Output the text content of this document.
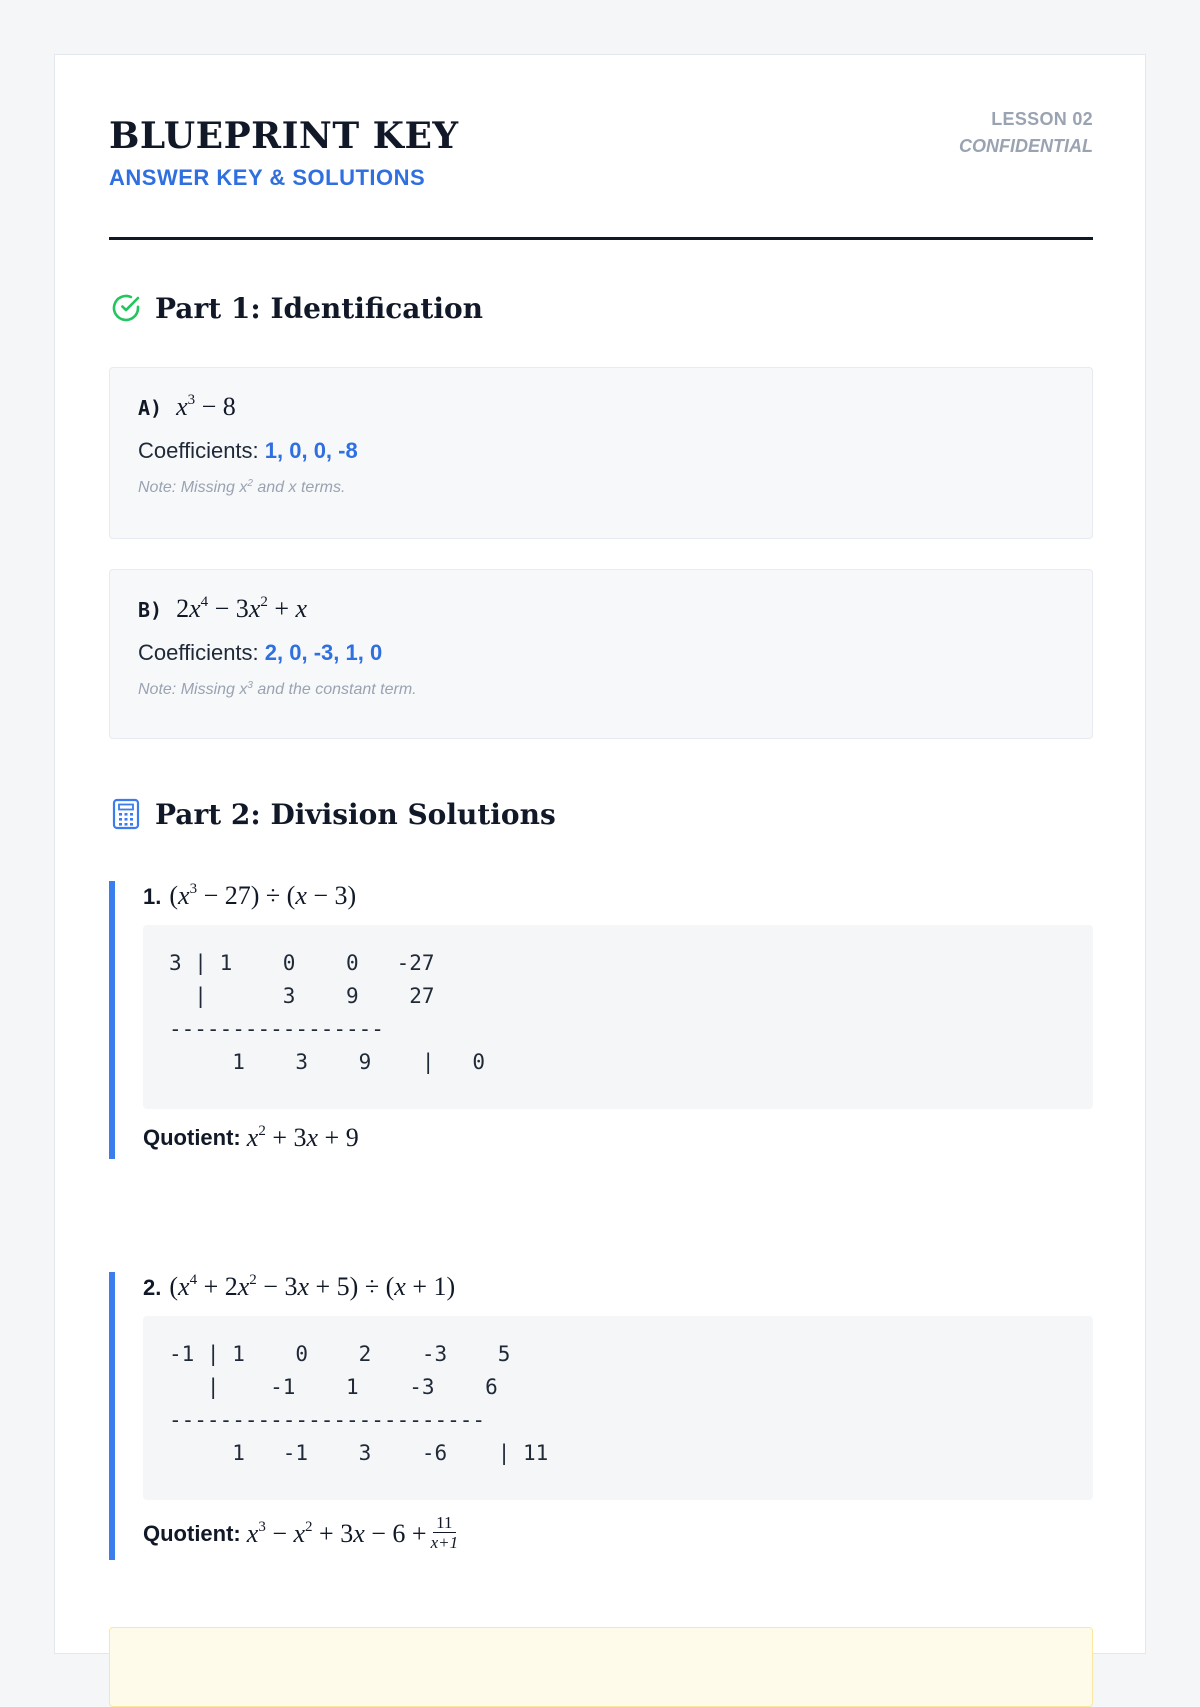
BLUEPRINT KEY
ANSWER KEY & SOLUTIONS
LESSON 02
CONFIDENTIAL
Part 1: Identification
A) $x^3 - 8$
Coefficients: 1, 0, 0, -8
Note: Missing $x^2$ and x terms.
B) $2x^4 - 3x^2 + x$
Coefficients: 2, 0, -3, 1, 0
Note: Missing $x^3$ and the constant term.
Part 2: Division Solutions
1. $(x^3 - 27) \div (x - 3)$
3 | 1    0    0   -27
|      3    9    27
-----------------
1    3    9    |   0
Quotient: $x^2 + 3x + 9$
2. $(x^4 + 2x^2 - 3x + 5) \div (x + 1)$
-1 | 1    0    2    -3    5
|    -1    1    -3    6
-------------------------
1   -1    3    -6    | 11
Quotient: $x^3 - x^2 + 3x - 6 + \frac{11}{x+1}$
